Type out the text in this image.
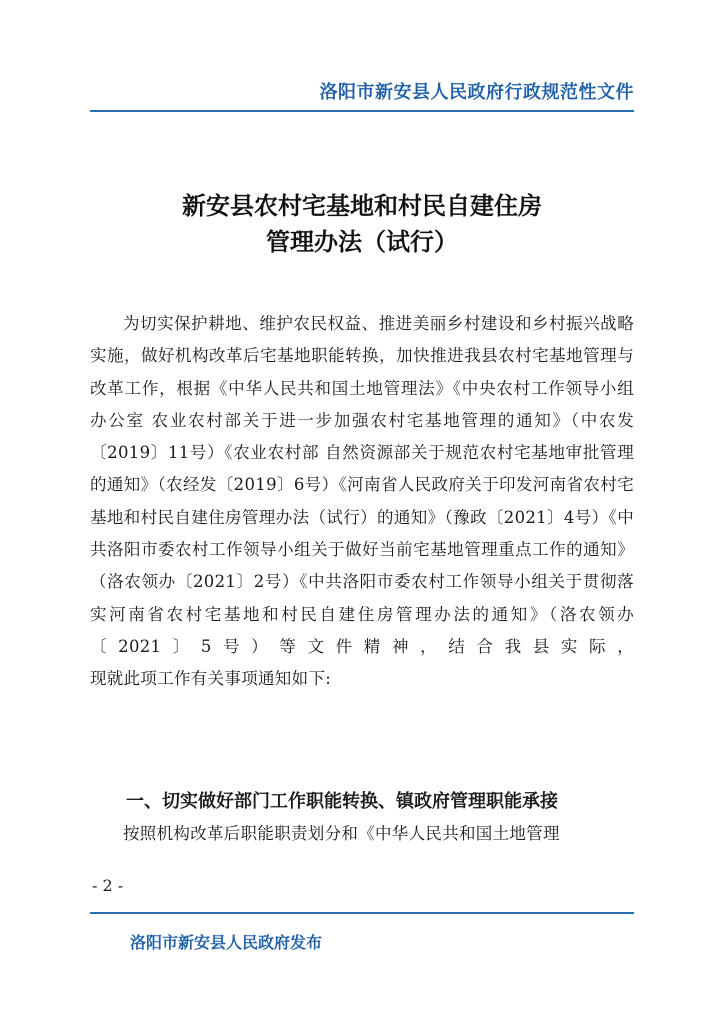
洛阳市新安县人民政府行政规范性文件
新安县农村宅基地和村民自建住房
管理办法（试行）

为切实保护耕地、维护农民权益、推进美丽乡村建设和乡村振兴战略实施，做好机构改革后宅基地职能转换，加快推进我县农村宅基地管理与改革工作，根据《中华人民共和国土地管理法》《中央农村工作领导小组办公室 农业农村部关于进一步加强农村宅基地管理的通知》（中农发〔2019〕11号）《农业农村部 自然资源部关于规范农村宅基地审批管理的通知》（农经发〔2019〕6号）《河南省人民政府关于印发河南省农村宅基地和村民自建住房管理办法（试行）的通知》（豫政〔2021〕4号）《中共洛阳市委农村工作领导小组关于做好当前宅基地管理重点工作的通知》（洛农领办〔2021〕2号）《中共洛阳市委农村工作领导小组关于贯彻落实河南省农村宅基地和村民自建住房管理办法的通知》（洛农领办〔2021〕5号）等文件精神，结合我县实际，

现就此项工作有关事项通知如下:

一、切实做好部门工作职能转换、镇政府管理职能承接
按照机构改革后职能职责划分和《中华人民共和国土地管理
- 2 -
洛阳市新安县人民政府发布
